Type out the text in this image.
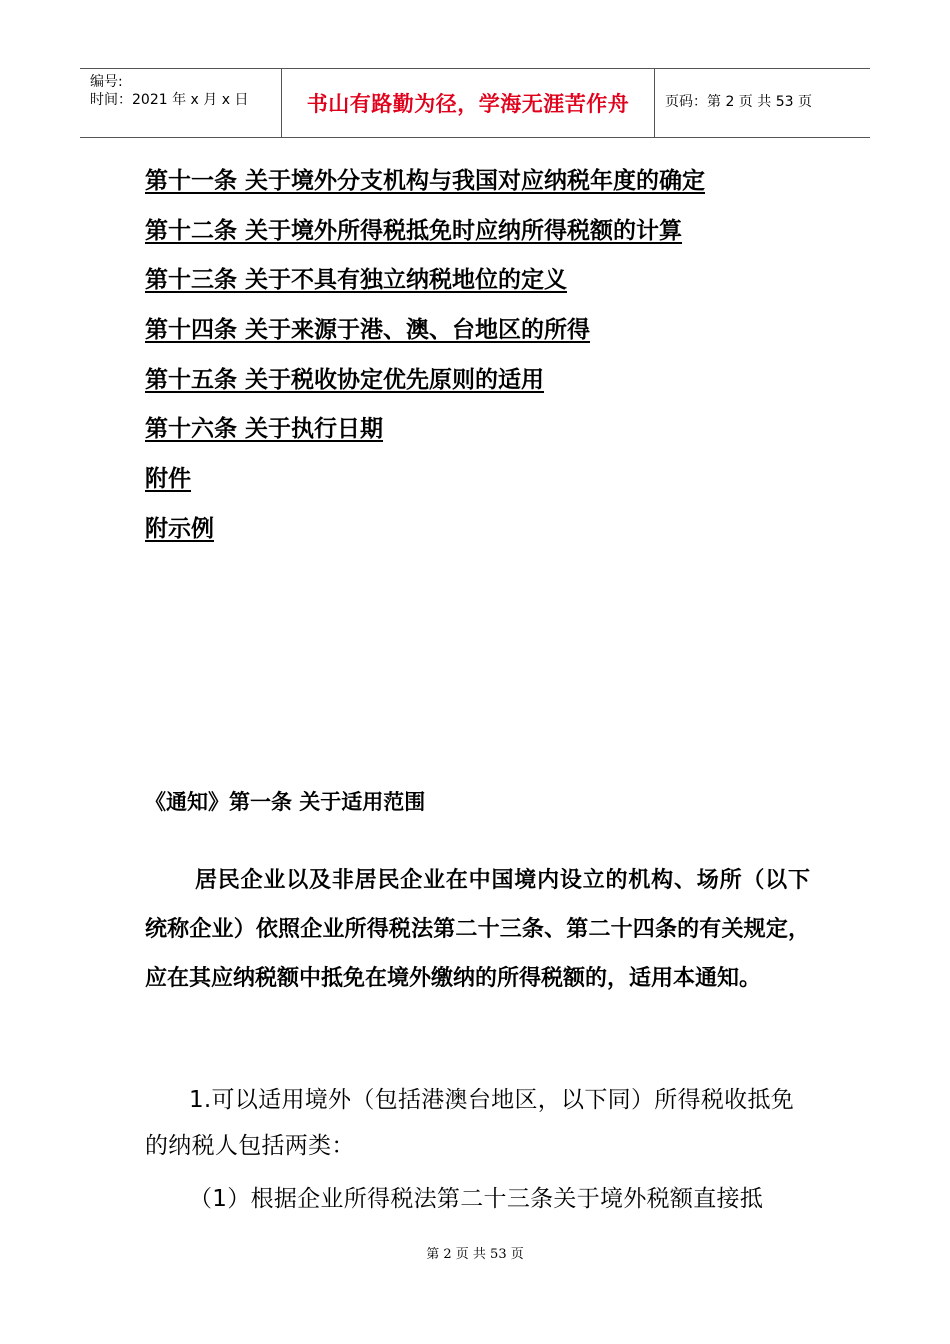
编号:
时间：2021 年 x 月 x 日	书山有路勤为径，学海无涯苦作舟	页码：第 2 页 共 53 页
第十一条 关于境外分支机构与我国对应纳税年度的确定
第十二条 关于境外所得税抵免时应纳所得税额的计算
第十三条 关于不具有独立纳税地位的定义
第十四条 关于来源于港、澳、台地区的所得
第十五条 关于税收协定优先原则的适用
第十六条 关于执行日期
附件
附示例
《通知》第一条 关于适用范围

居民企业以及非居民企业在中国境内设立的机构、场所（以下统称企业）依照企业所得税法第二十三条、第二十四条的有关规定，应在其应纳税额中抵免在境外缴纳的所得税额的，适用本通知。

1.可以适用境外（包括港澳台地区，以下同）所得税收抵免的纳税人包括两类：

（1）根据企业所得税法第二十三条关于境外税额直接抵

第 2 页 共 53 页
